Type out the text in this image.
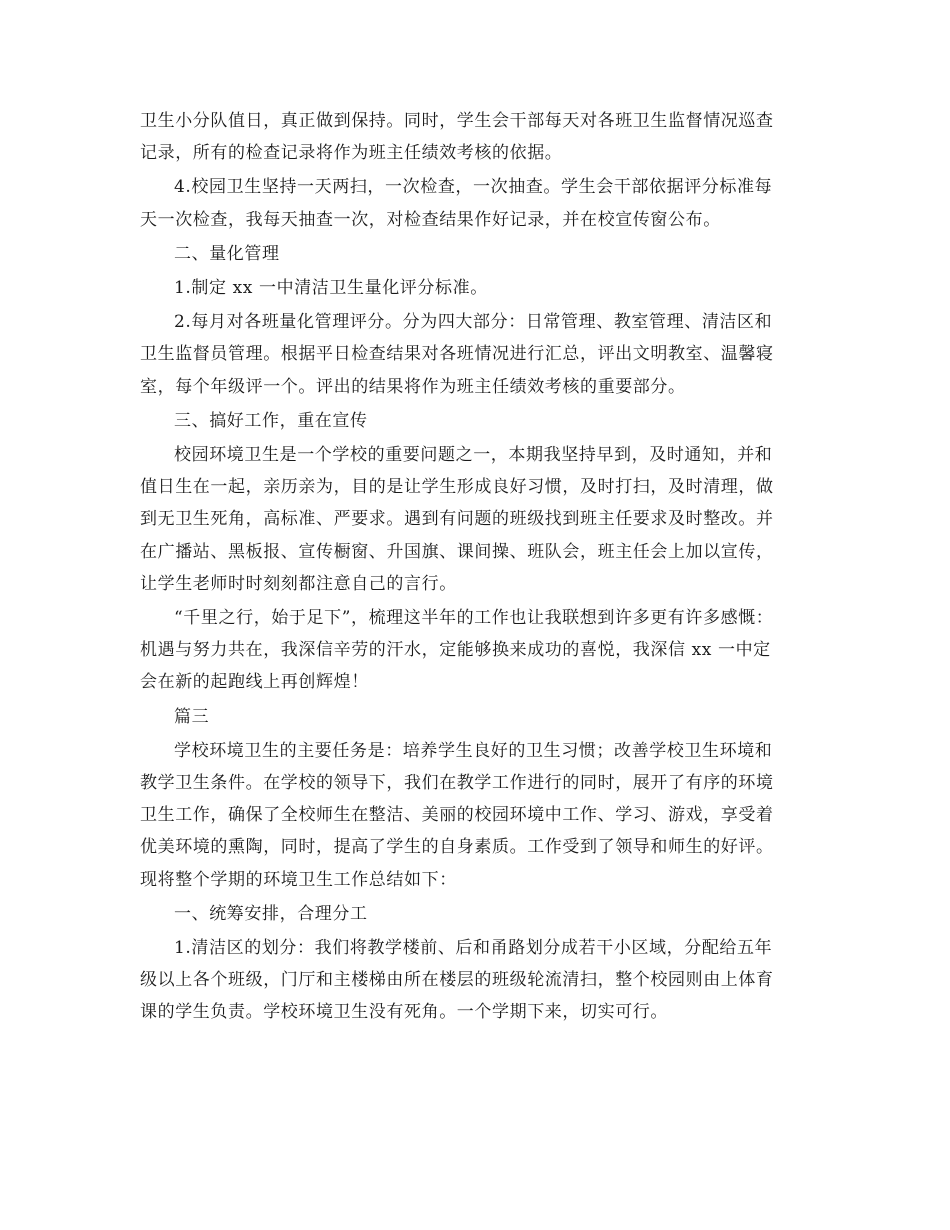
卫生小分队值日，真正做到保持。同时，学生会干部每天对各班卫生监督情况巡查
记录，所有的检查记录将作为班主任绩效考核的依据。
4.校园卫生坚持一天两扫，一次检查，一次抽查。学生会干部依据评分标准每
天一次检查，我每天抽查一次，对检查结果作好记录，并在校宣传窗公布。
二、量化管理
1.制定 xx 一中清洁卫生量化评分标准。
2.每月对各班量化管理评分。分为四大部分：日常管理、教室管理、清洁区和
卫生监督员管理。根据平日检查结果对各班情况进行汇总，评出文明教室、温馨寝
室，每个年级评一个。评出的结果将作为班主任绩效考核的重要部分。
三、搞好工作，重在宣传
校园环境卫生是一个学校的重要问题之一，本期我坚持早到，及时通知，并和
值日生在一起，亲历亲为，目的是让学生形成良好习惯，及时打扫，及时清理，做
到无卫生死角，高标准、严要求。遇到有问题的班级找到班主任要求及时整改。并
在广播站、黑板报、宣传橱窗、升国旗、课间操、班队会，班主任会上加以宣传，
让学生老师时时刻刻都注意自己的言行。
“千里之行，始于足下”，梳理这半年的工作也让我联想到许多更有许多感慨：
机遇与努力共在，我深信辛劳的汗水，定能够换来成功的喜悦，我深信 xx 一中定
会在新的起跑线上再创辉煌！
篇三
学校环境卫生的主要任务是：培养学生良好的卫生习惯；改善学校卫生环境和
教学卫生条件。在学校的领导下，我们在教学工作进行的同时，展开了有序的环境
卫生工作，确保了全校师生在整洁、美丽的校园环境中工作、学习、游戏，享受着
优美环境的熏陶，同时，提高了学生的自身素质。工作受到了领导和师生的好评。
现将整个学期的环境卫生工作总结如下：
一、统筹安排，合理分工
1.清洁区的划分：我们将教学楼前、后和甬路划分成若干小区域，分配给五年
级以上各个班级，门厅和主楼梯由所在楼层的班级轮流清扫，整个校园则由上体育
课的学生负责。学校环境卫生没有死角。一个学期下来，切实可行。
